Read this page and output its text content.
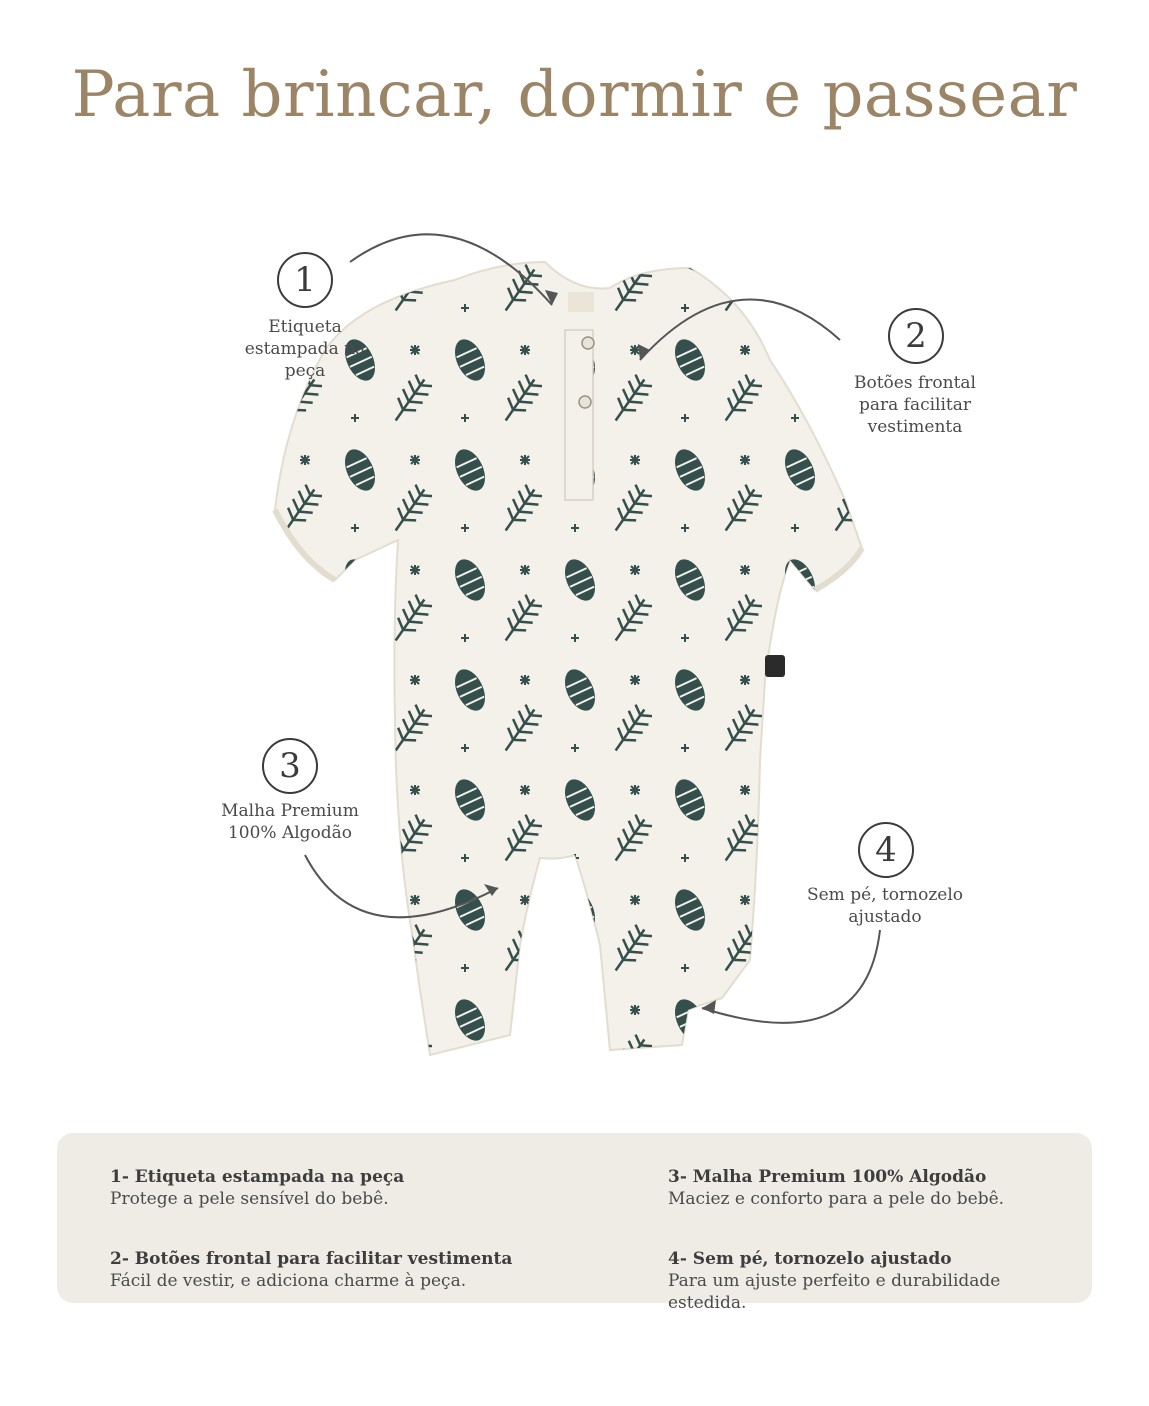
Para brincar, dormir e passear
1
Etiqueta
estampada na
peça
2
Botões frontal
para facilitar
vestimenta
3
Malha Premium
100% Algodão	4
Sem pé, tornozelo
ajustado
1- Etiqueta estampada na peça
Protege a pele sensível do bebê.
2- Botões frontal para facilitar vestimenta
Fácil de vestir, e adiciona charme à peça.
3- Malha Premium 100% Algodão
Maciez e conforto para a pele do bebê.
4- Sem pé, tornozelo ajustado
Para um ajuste perfeito e durabilidade
estedida.
